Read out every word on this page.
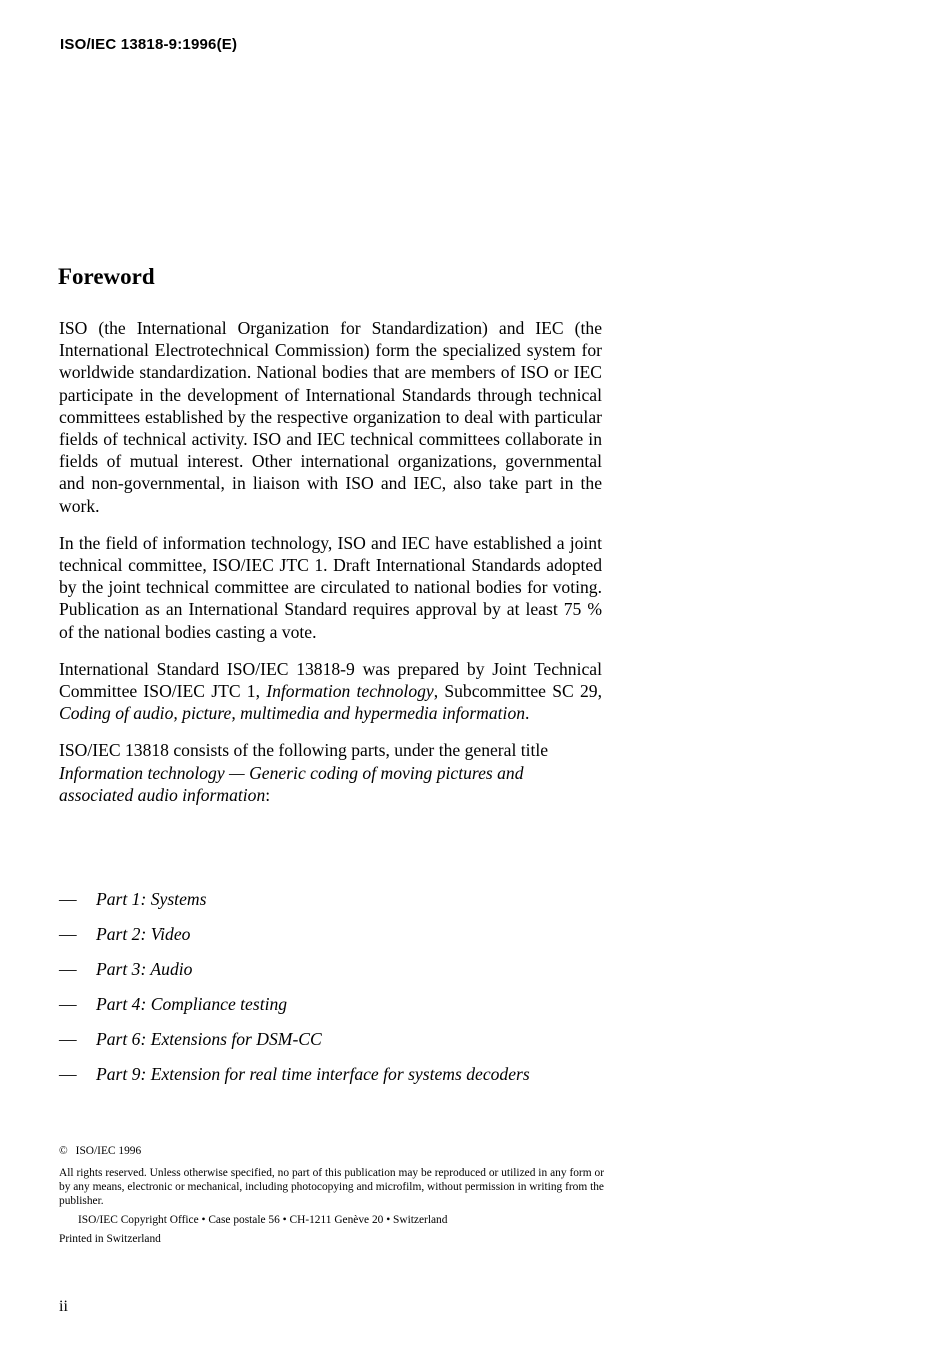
ISO/IEC 13818-9:1996(E)
Foreword

ISO (the International Organization for Standardization) and IEC (the International Electrotechnical Commission) form the specialized system for worldwide standardization. National bodies that are members of ISO or IEC participate in the development of International Standards through technical committees established by the respective organization to deal with particular fields of technical activity. ISO and IEC technical committees collaborate in fields of mutual interest. Other international organizations, governmental and non-governmental, in liaison with ISO and IEC, also take part in the work.

In the field of information technology, ISO and IEC have established a joint technical committee, ISO/IEC JTC 1. Draft International Standards adopted by the joint technical committee are circulated to national bodies for voting. Publication as an International Standard requires approval by at least 75 % of the national bodies casting a vote.

International Standard ISO/IEC 13818-9 was prepared by Joint Technical Committee ISO/IEC JTC 1, Information technology, Subcommittee SC 29, Coding of audio, picture, multimedia and hypermedia information.

ISO/IEC 13818 consists of the following parts, under the general title Information technology — Generic coding of moving pictures and associated audio information:

— Part 1: Systems
— Part 2: Video
— Part 3: Audio
— Part 4: Compliance testing
— Part 6: Extensions for DSM-CC
— Part 9: Extension for real time interface for systems decoders
© ISO/IEC 1996
All rights reserved. Unless otherwise specified, no part of this publication may be reproduced or utilized in any form or by any means, electronic or mechanical, including photocopying and microfilm, without permission in writing from the publisher.
ISO/IEC Copyright Office • Case postale 56 • CH-1211 Genève 20 • Switzerland
Printed in Switzerland
ii
